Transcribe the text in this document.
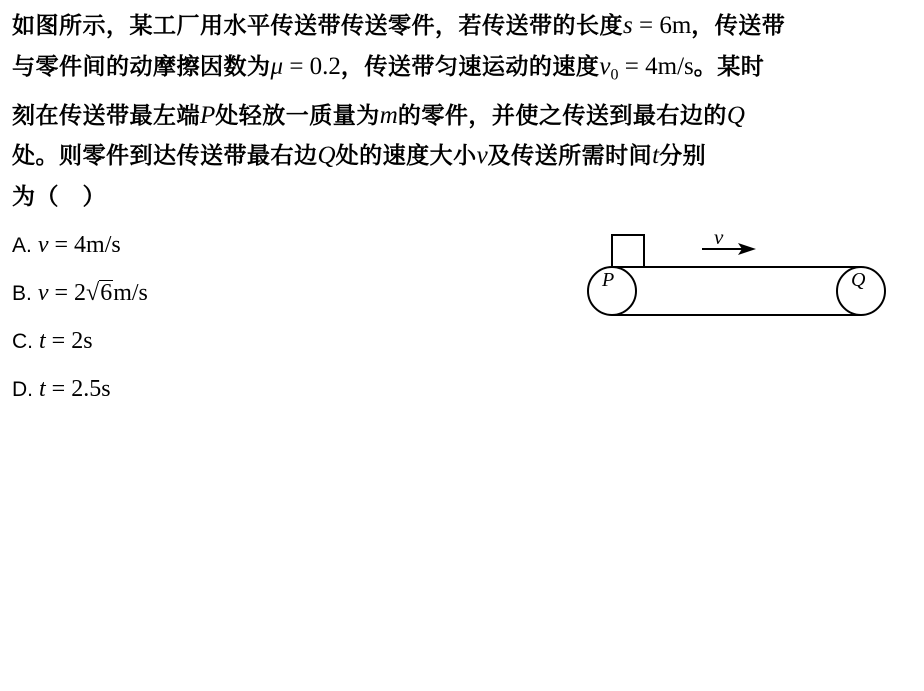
如图所示，某工厂用水平传送带传送零件，若传送带的长度s = 6m，传送带
与零件间的动摩擦因数为μ = 0.2，传送带匀速运动的速度$v_0 = 4m/s$。某时
刻在传送带最左端P处轻放一质量为m的零件，并使之传送到最右边的Q
处。则零件到达传送带最右边Q处的速度大小v及传送所需时间t分别
为（　）
A. v = 4m/s
B. v = 2√6m/s
C. t = 2s
D. t = 2.5s
v
P	Q
